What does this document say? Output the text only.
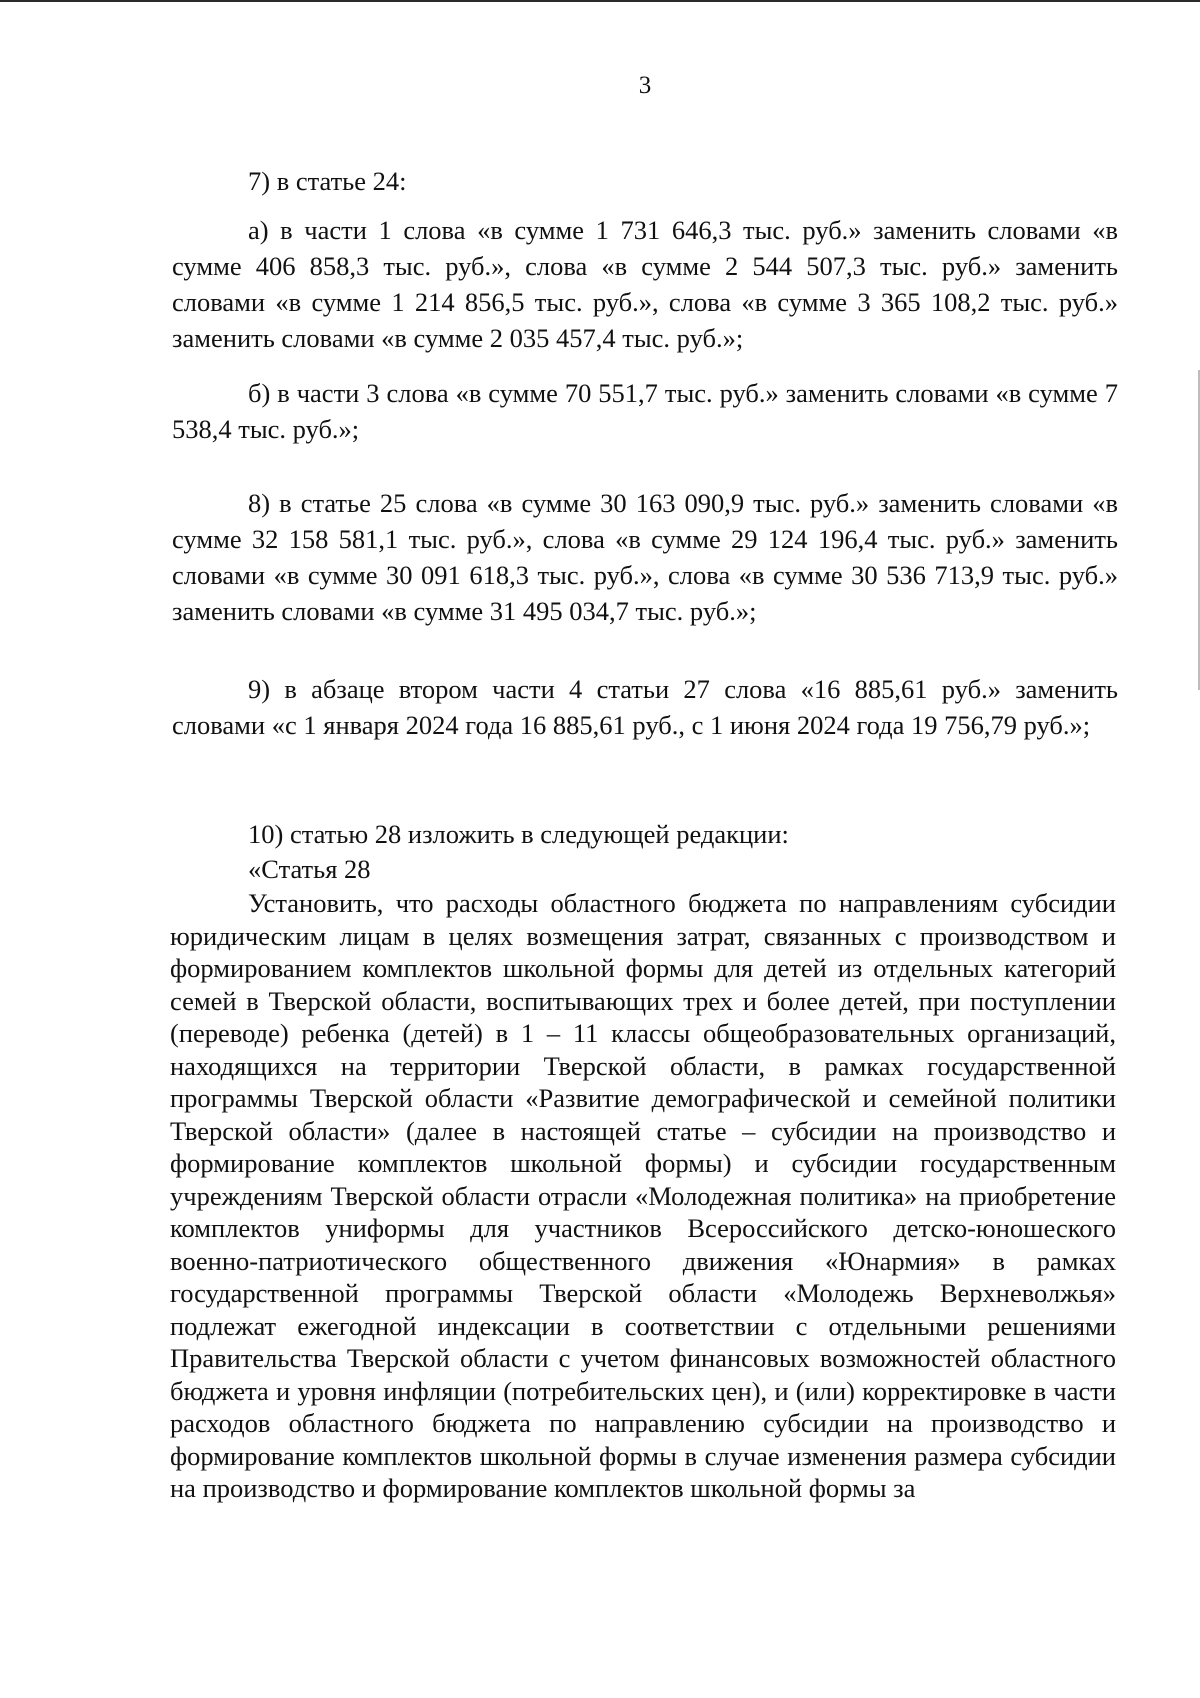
3

7) в статье 24:

а) в части 1 слова «в сумме 1 731 646,3 тыс. руб.» заменить словами «в сумме 406 858,3 тыс. руб.», слова «в сумме 2 544 507,3 тыс. руб.» заменить словами «в сумме 1 214 856,5 тыс. руб.», слова «в сумме 3 365 108,2 тыс. руб.» заменить словами «в сумме 2 035 457,4 тыс. руб.»;

б) в части 3 слова «в сумме 70 551,7 тыс. руб.» заменить словами «в сумме 7 538,4 тыс. руб.»;

8) в статье 25 слова «в сумме 30 163 090,9 тыс. руб.» заменить словами «в сумме 32 158 581,1 тыс. руб.», слова «в сумме 29 124 196,4 тыс. руб.» заменить словами «в сумме 30 091 618,3 тыс. руб.», слова «в сумме 30 536 713,9 тыс. руб.» заменить словами «в сумме 31 495 034,7 тыс. руб.»;

9) в абзаце втором части 4 статьи 27 слова «16 885,61 руб.» заменить словами «с 1 января 2024 года 16 885,61 руб., с 1 июня 2024 года 19 756,79 руб.»;

10) статью 28 изложить в следующей редакции:

«Статья 28

Установить, что расходы областного бюджета по направлениям субсидии юридическим лицам в целях возмещения затрат, связанных с производством и формированием комплектов школьной формы для детей из отдельных категорий семей в Тверской области, воспитывающих трех и более детей, при поступлении (переводе) ребенка (детей) в 1 – 11 классы общеобразовательных организаций, находящихся на территории Тверской области, в рамках государственной программы Тверской области «Развитие демографической и семейной политики Тверской области» (далее в настоящей статье – субсидии на производство и формирование комплектов школьной формы) и субсидии государственным учреждениям Тверской области отрасли «Молодежная политика» на приобретение комплектов униформы для участников Всероссийского детско-юношеского военно-патриотического общественного движения «Юнармия» в рамках государственной программы Тверской области «Молодежь Верхневолжья» подлежат ежегодной индексации в соответствии с отдельными решениями Правительства Тверской области с учетом финансовых возможностей областного бюджета и уровня инфляции (потребительских цен), и (или) корректировке в части расходов областного бюджета по направлению субсидии на производство и формирование комплектов школьной формы в случае изменения размера субсидии на производство и формирование комплектов школьной формы за
